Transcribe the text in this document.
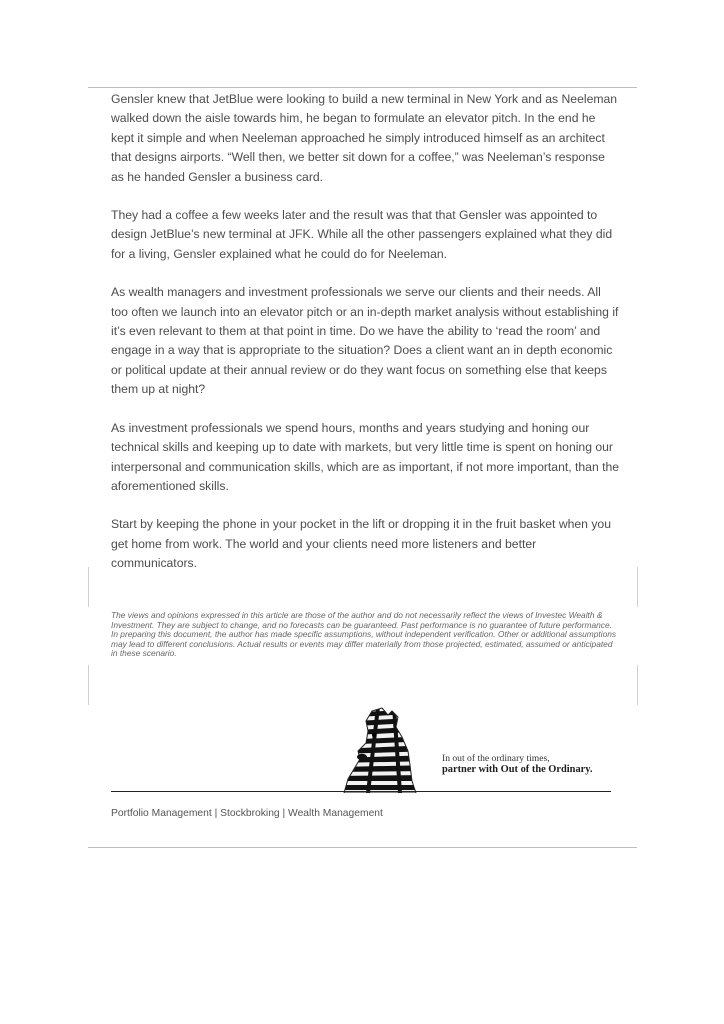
Gensler knew that JetBlue were looking to build a new terminal in New York and as Neeleman walked down the aisle towards him, he began to formulate an elevator pitch. In the end he kept it simple and when Neeleman approached he simply introduced himself as an architect that designs airports. “Well then, we better sit down for a coffee,” was Neeleman’s response as he handed Gensler a business card.

They had a coffee a few weeks later and the result was that that Gensler was appointed to design JetBlue’s new terminal at JFK. While all the other passengers explained what they did for a living, Gensler explained what he could do for Neeleman.

As wealth managers and investment professionals we serve our clients and their needs. All too often we launch into an elevator pitch or an in-depth market analysis without establishing if it’s even relevant to them at that point in time. Do we have the ability to ‘read the room’ and engage in a way that is appropriate to the situation? Does a client want an in depth economic or political update at their annual review or do they want focus on something else that keeps them up at night?

As investment professionals we spend hours, months and years studying and honing our technical skills and keeping up to date with markets, but very little time is spent on honing our interpersonal and communication skills, which are as important, if not more important, than the aforementioned skills.

Start by keeping the phone in your pocket in the lift or dropping it in the fruit basket when you get home from work. The world and your clients need more listeners and better communicators.

The views and opinions expressed in this article are those of the author and do not necessarily reflect the views of Investec Wealth & Investment. They are subject to change, and no forecasts can be guaranteed. Past performance is no guarantee of future performance. In preparing this document, the author has made specific assumptions, without independent verification. Other or additional assumptions may lead to different conclusions. Actual results or events may differ materially from those projected, estimated, assumed or anticipated in these scenario.

In out of the ordinary times,
partner with Out of the Ordinary.
Portfolio Management | Stockbroking | Wealth Management
